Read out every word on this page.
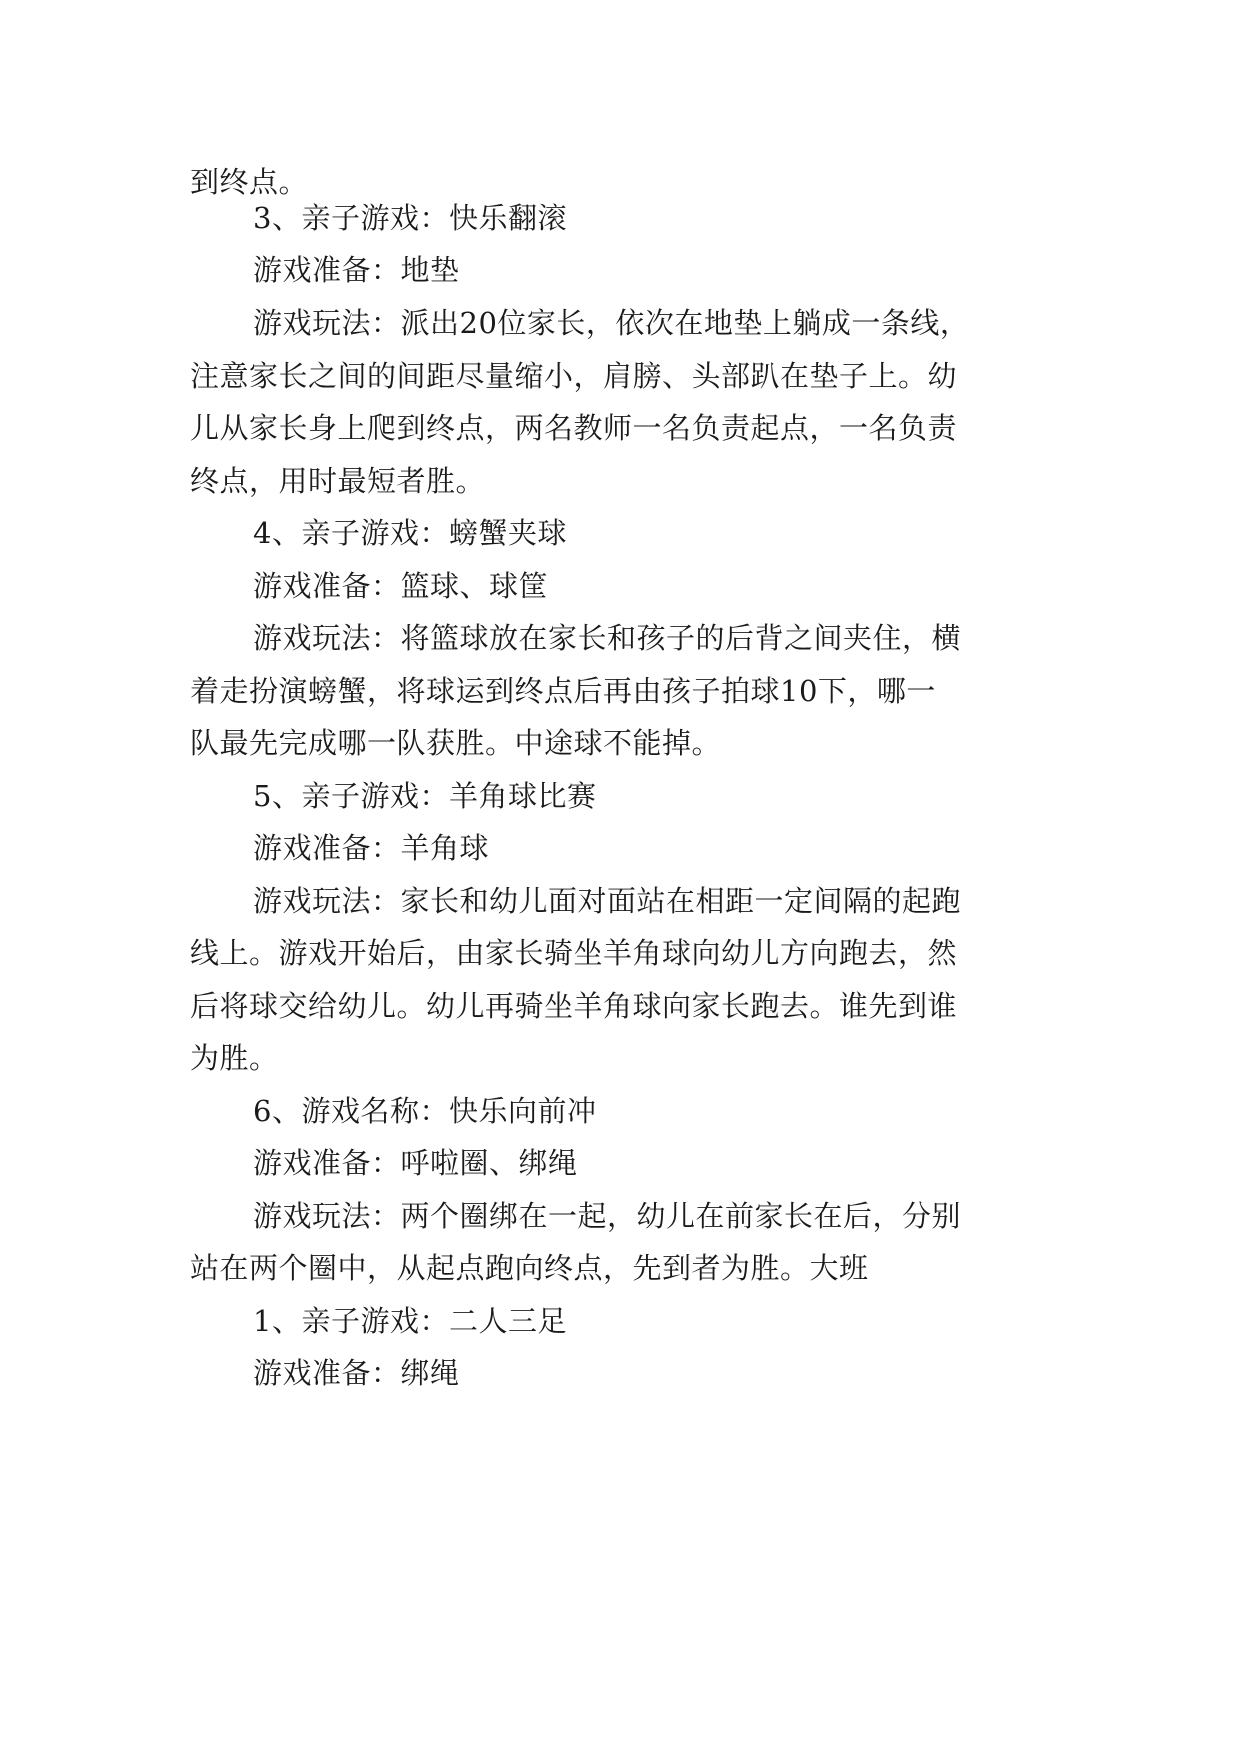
到终点。

3、亲子游戏：快乐翻滚

游戏准备：地垫

游戏玩法：派出20位家长，依次在地垫上躺成一条线，

注意家长之间的间距尽量缩小，肩膀、头部趴在垫子上。幼

儿从家长身上爬到终点，两名教师一名负责起点，一名负责

终点，用时最短者胜。

4、亲子游戏：螃蟹夹球

游戏准备：篮球、球筐

游戏玩法：将篮球放在家长和孩子的后背之间夹住，横

着走扮演螃蟹，将球运到终点后再由孩子拍球10下，哪一

队最先完成哪一队获胜。中途球不能掉。

5、亲子游戏：羊角球比赛

游戏准备：羊角球

游戏玩法：家长和幼儿面对面站在相距一定间隔的起跑

线上。游戏开始后，由家长骑坐羊角球向幼儿方向跑去，然

后将球交给幼儿。幼儿再骑坐羊角球向家长跑去。谁先到谁

为胜。

6、游戏名称：快乐向前冲

游戏准备：呼啦圈、绑绳

游戏玩法：两个圈绑在一起，幼儿在前家长在后，分别

站在两个圈中，从起点跑向终点，先到者为胜。大班

1、亲子游戏：二人三足

游戏准备：绑绳
